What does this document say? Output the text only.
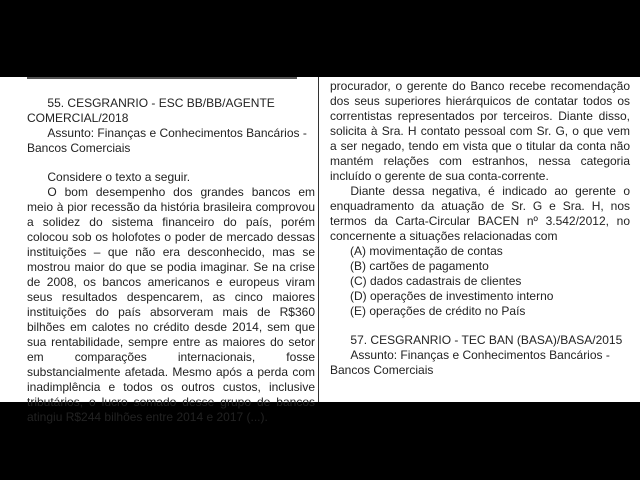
55. CESGRANRIO - ESC BB/BB/AGENTE COMERCIAL/2018

Assunto: Finanças e Conhecimentos Bancários - Bancos Comerciais

Considere o texto a seguir.

O bom desempenho dos grandes bancos em meio à pior recessão da história brasileira comprovou a solidez do sistema financeiro do país, porém colocou sob os holofotes o poder de mercado dessas instituições – que não era desconhecido, mas se mostrou maior do que se podia imaginar. Se na crise de 2008, os bancos americanos e europeus viram seus resultados despencarem, as cinco maiores instituições do país absorveram mais de R$360 bilhões em calotes no crédito desde 2014, sem que sua rentabilidade, sempre entre as maiores do setor em comparações internacionais, fosse substancialmente afetada. Mesmo após a perda com inadimplência e todos os outros custos, inclusive tributários, o lucro somado desse grupo de bancos atingiu R$244 bilhões entre 2014 e 2017 (...).

procurador, o gerente do Banco recebe recomendação dos seus superiores hierárquicos de contatar todos os correntistas representados por terceiros. Diante disso, solicita à Sra. H contato pessoal com Sr. G, o que vem a ser negado, tendo em vista que o titular da conta não mantém relações com estranhos, nessa categoria incluído o gerente de sua conta-corrente.

Diante dessa negativa, é indicado ao gerente o enquadramento da atuação de Sr. G e Sra. H, nos termos da Carta-Circular BACEN nº 3.542/2012, no concernente a situações relacionadas com

(A) movimentação de contas
(B) cartões de pagamento
(C) dados cadastrais de clientes
(D) operações de investimento interno
(E) operações de crédito no País

57. CESGRANRIO - TEC BAN (BASA)/BASA/2015

Assunto: Finanças e Conhecimentos Bancários - Bancos Comerciais
